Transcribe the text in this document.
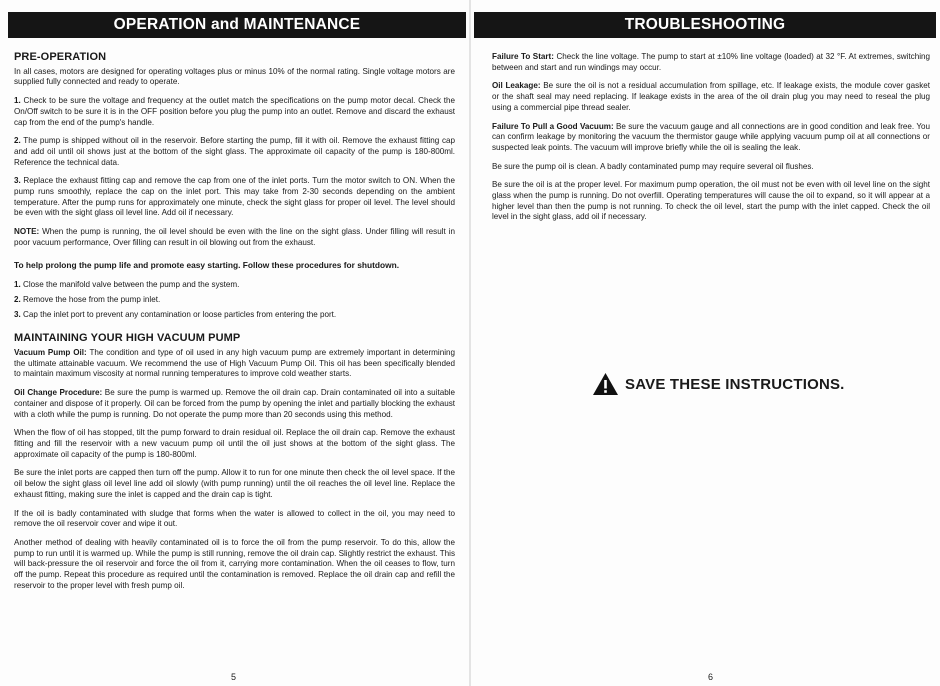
OPERATION and MAINTENANCE
PRE-OPERATION

In all cases, motors are designed for operating voltages plus or minus 10% of the normal rating. Single voltage motors are supplied fully connected and ready to operate.

1. Check to be sure the voltage and frequency at the outlet match the specifications on the pump motor decal. Check the On/Off switch to be sure it is in the OFF position before you plug the pump into an outlet. Remove and discard the exhaust cap from the end of the pump's handle.

2. The pump is shipped without oil in the reservoir. Before starting the pump, fill it with oil. Remove the exhaust fitting cap and add oil until oil shows just at the bottom of the sight glass. The approximate oil capacity of the pump is 180-800ml. Reference the technical data.

3. Replace the exhaust fitting cap and remove the cap from one of the inlet ports. Turn the motor switch to ON. When the pump runs smoothly, replace the cap on the inlet port. This may take from 2-30 seconds depending on the ambient temperature. After the pump runs for approximately one minute, check the sight glass for proper oil level. The level should be even with the sight glass oil level line. Add oil if necessary.

NOTE: When the pump is running, the oil level should be even with the line on the sight glass. Under filling will result in poor vacuum performance, Over filling can result in oil blowing out from the exhaust.

To help prolong the pump life and promote easy starting. Follow these procedures for shutdown.
1. Close the manifold valve between the pump and the system.
2. Remove the hose from the pump inlet.
3. Cap the inlet port to prevent any contamination or loose particles from entering the port.
MAINTAINING YOUR HIGH VACUUM PUMP

Vacuum Pump Oil: The condition and type of oil used in any high vacuum pump are extremely important in determining the ultimate attainable vacuum. We recommend the use of High Vacuum Pump Oil. This oil has been specifically blended to maintain maximum viscosity at normal running temperatures to improve cold weather starts.

Oil Change Procedure: Be sure the pump is warmed up. Remove the oil drain cap. Drain contaminated oil into a suitable container and dispose of it properly. Oil can be forced from the pump by opening the inlet and partially blocking the exhaust with a cloth while the pump is running. Do not operate the pump more than 20 seconds using this method.

When the flow of oil has stopped, tilt the pump forward to drain residual oil. Replace the oil drain cap. Remove the exhaust fitting and fill the reservoir with a new vacuum pump oil until the oil just shows at the bottom of the sight glass. The approximate oil capacity of the pump is 180-800ml.

Be sure the inlet ports are capped then turn off the pump. Allow it to run for one minute then check the oil level space. If the oil below the sight glass oil level line add oil slowly (with pump running) until the oil reaches the oil level line. Replace the exhaust fitting, making sure the inlet is capped and the drain cap is tight.

If the oil is badly contaminated with sludge that forms when the water is allowed to collect in the oil, you may need to remove the oil reservoir cover and wipe it out.

Another method of dealing with heavily contaminated oil is to force the oil from the pump reservoir. To do this, allow the pump to run until it is warmed up. While the pump is still running, remove the oil drain cap. Slightly restrict the exhaust. This will back-pressure the oil reservoir and force the oil from it, carrying more contamination. When the oil ceases to flow, turn off the pump. Repeat this procedure as required until the contamination is removed. Replace the oil drain cap and refill the reservoir to the proper level with fresh pump oil.

5
TROUBLESHOOTING

Failure To Start: Check the line voltage. The pump to start at ±10% line voltage (loaded) at 32 °F. At extremes, switching between and start and run windings may occur.

Oil Leakage: Be sure the oil is not a residual accumulation from spillage, etc. If leakage exists, the module cover gasket or the shaft seal may need replacing. If leakage exists in the area of the oil drain plug you may need to reseal the plug using a commercial pipe thread sealer.

Failure To Pull a Good Vacuum: Be sure the vacuum gauge and all connections are in good condition and leak free. You can confirm leakage by monitoring the vacuum the thermistor gauge while applying vacuum pump oil at all connections or suspected leak points. The vacuum will improve briefly while the oil is sealing the leak.

Be sure the pump oil is clean. A badly contaminated pump may require several oil flushes.

Be sure the oil is at the proper level. For maximum pump operation, the oil must not be even with oil level line on the sight glass when the pump is running. Do not overfill. Operating temperatures will cause the oil to expand, so it will appear at a higher level than then the pump is not running. To check the oil level, start the pump with the inlet capped. Check the oil level in the sight glass, add oil if necessary.

SAVE THESE INSTRUCTIONS.
6
